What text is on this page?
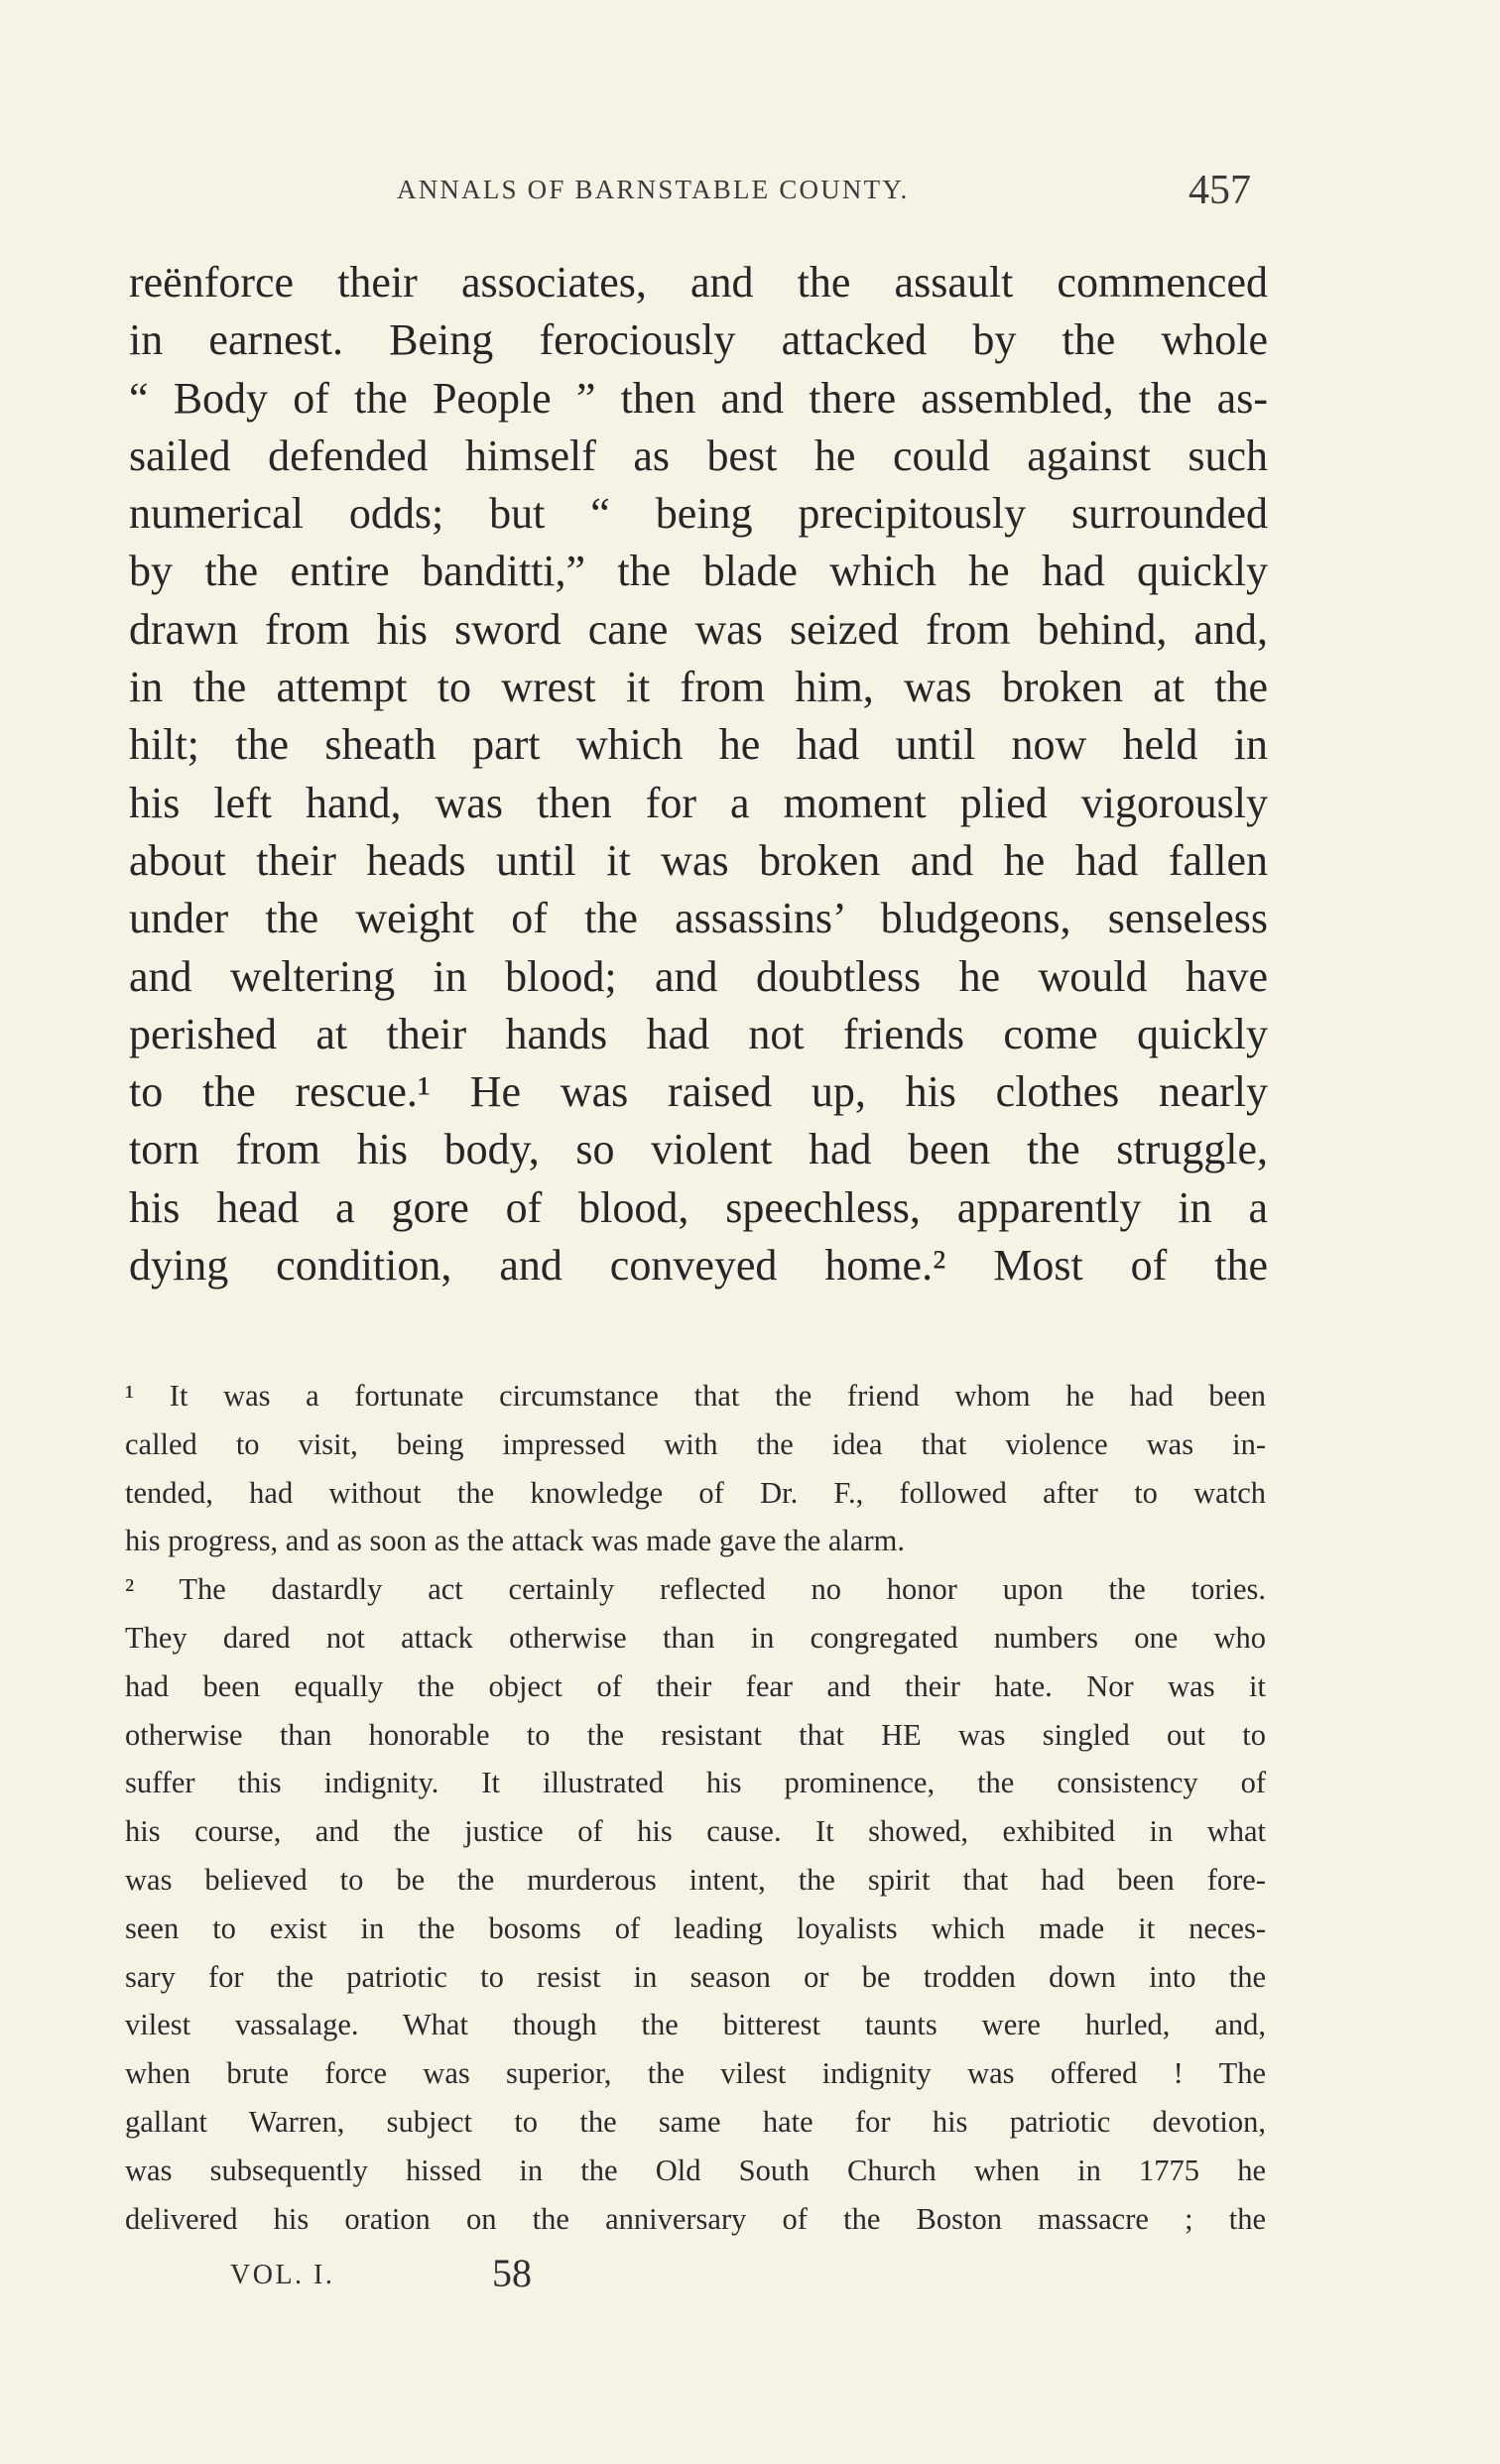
ANNALS OF BARNSTABLE COUNTY.	457
reënforce their associates, and the assault commenced
in earnest. Being ferociously attacked by the whole
“ Body of the People ” then and there assembled, the as-
sailed defended himself as best he could against such
numerical odds; but “ being precipitously surrounded
by the entire banditti,” the blade which he had quickly
drawn from his sword cane was seized from behind, and,
in the attempt to wrest it from him, was broken at the
hilt; the sheath part which he had until now held in
his left hand, was then for a moment plied vigorously
about their heads until it was broken and he had fallen
under the weight of the assassins’ bludgeons, senseless
and weltering in blood; and doubtless he would have
perished at their hands had not friends come quickly
to the rescue.¹ He was raised up, his clothes nearly
torn from his body, so violent had been the struggle,
his head a gore of blood, speechless, apparently in a
dying condition, and conveyed home.² Most of the
¹ It was a fortunate circumstance that the friend whom he had been
called to visit, being impressed with the idea that violence was in-
tended, had without the knowledge of Dr. F., followed after to watch
his progress, and as soon as the attack was made gave the alarm.
² The dastardly act certainly reflected no honor upon the tories.
They dared not attack otherwise than in congregated numbers one who
had been equally the object of their fear and their hate. Nor was it
otherwise than honorable to the resistant that HE was singled out to
suffer this indignity. It illustrated his prominence, the consistency of
his course, and the justice of his cause. It showed, exhibited in what
was believed to be the murderous intent, the spirit that had been fore-
seen to exist in the bosoms of leading loyalists which made it neces-
sary for the patriotic to resist in season or be trodden down into the
vilest vassalage. What though the bitterest taunts were hurled, and,
when brute force was superior, the vilest indignity was offered ! The
gallant Warren, subject to the same hate for his patriotic devotion,
was subsequently hissed in the Old South Church when in 1775 he
delivered his oration on the anniversary of the Boston massacre ; the
VOL. I.	58
